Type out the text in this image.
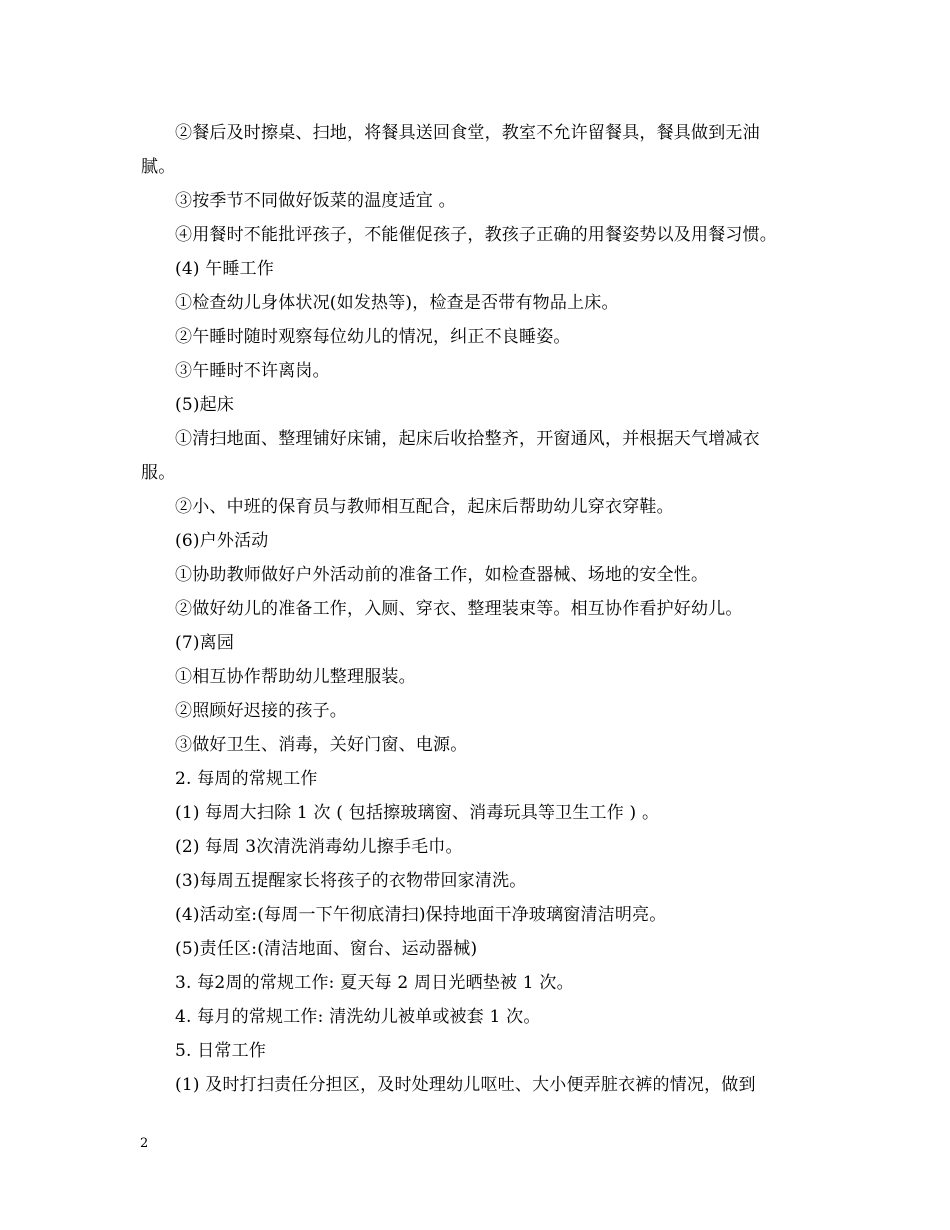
②餐后及时擦桌、扫地，将餐具送回食堂，教室不允许留餐具，餐具做到无油
腻。
③按季节不同做好饭菜的温度适宜 。
④用餐时不能批评孩子，不能催促孩子，教孩子正确的用餐姿势以及用餐习惯。
(4) 午睡工作
①检查幼儿身体状况(如发热等)，检查是否带有物品上床。
②午睡时随时观察每位幼儿的情况，纠正不良睡姿。
③午睡时不许离岗。
(5)起床
①清扫地面、整理铺好床铺，起床后收拾整齐，开窗通风，并根据天气增减衣
服。
②小、中班的保育员与教师相互配合，起床后帮助幼儿穿衣穿鞋。
(6)户外活动
①协助教师做好户外活动前的准备工作，如检查器械、场地的安全性。
②做好幼儿的准备工作，入厕、穿衣、整理装束等。相互协作看护好幼儿。
(7)离园
①相互协作帮助幼儿整理服装。
②照顾好迟接的孩子。
③做好卫生、消毒，关好门窗、电源。
2. 每周的常规工作
(1) 每周大扫除 1 次 ( 包括擦玻璃窗、消毒玩具等卫生工作 ) 。
(2) 每周 3次清洗消毒幼儿擦手毛巾。
(3)每周五提醒家长将孩子的衣物带回家清洗。
(4)活动室:(每周一下午彻底清扫)保持地面干净玻璃窗清洁明亮。
(5)责任区:(清洁地面、窗台、运动器械)
3. 每2周的常规工作: 夏天每 2 周日光晒垫被 1 次。
4. 每月的常规工作: 清洗幼儿被单或被套 1 次。
5. 日常工作
(1) 及时打扫责任分担区，及时处理幼儿呕吐、大小便弄脏衣裤的情况，做到
2
